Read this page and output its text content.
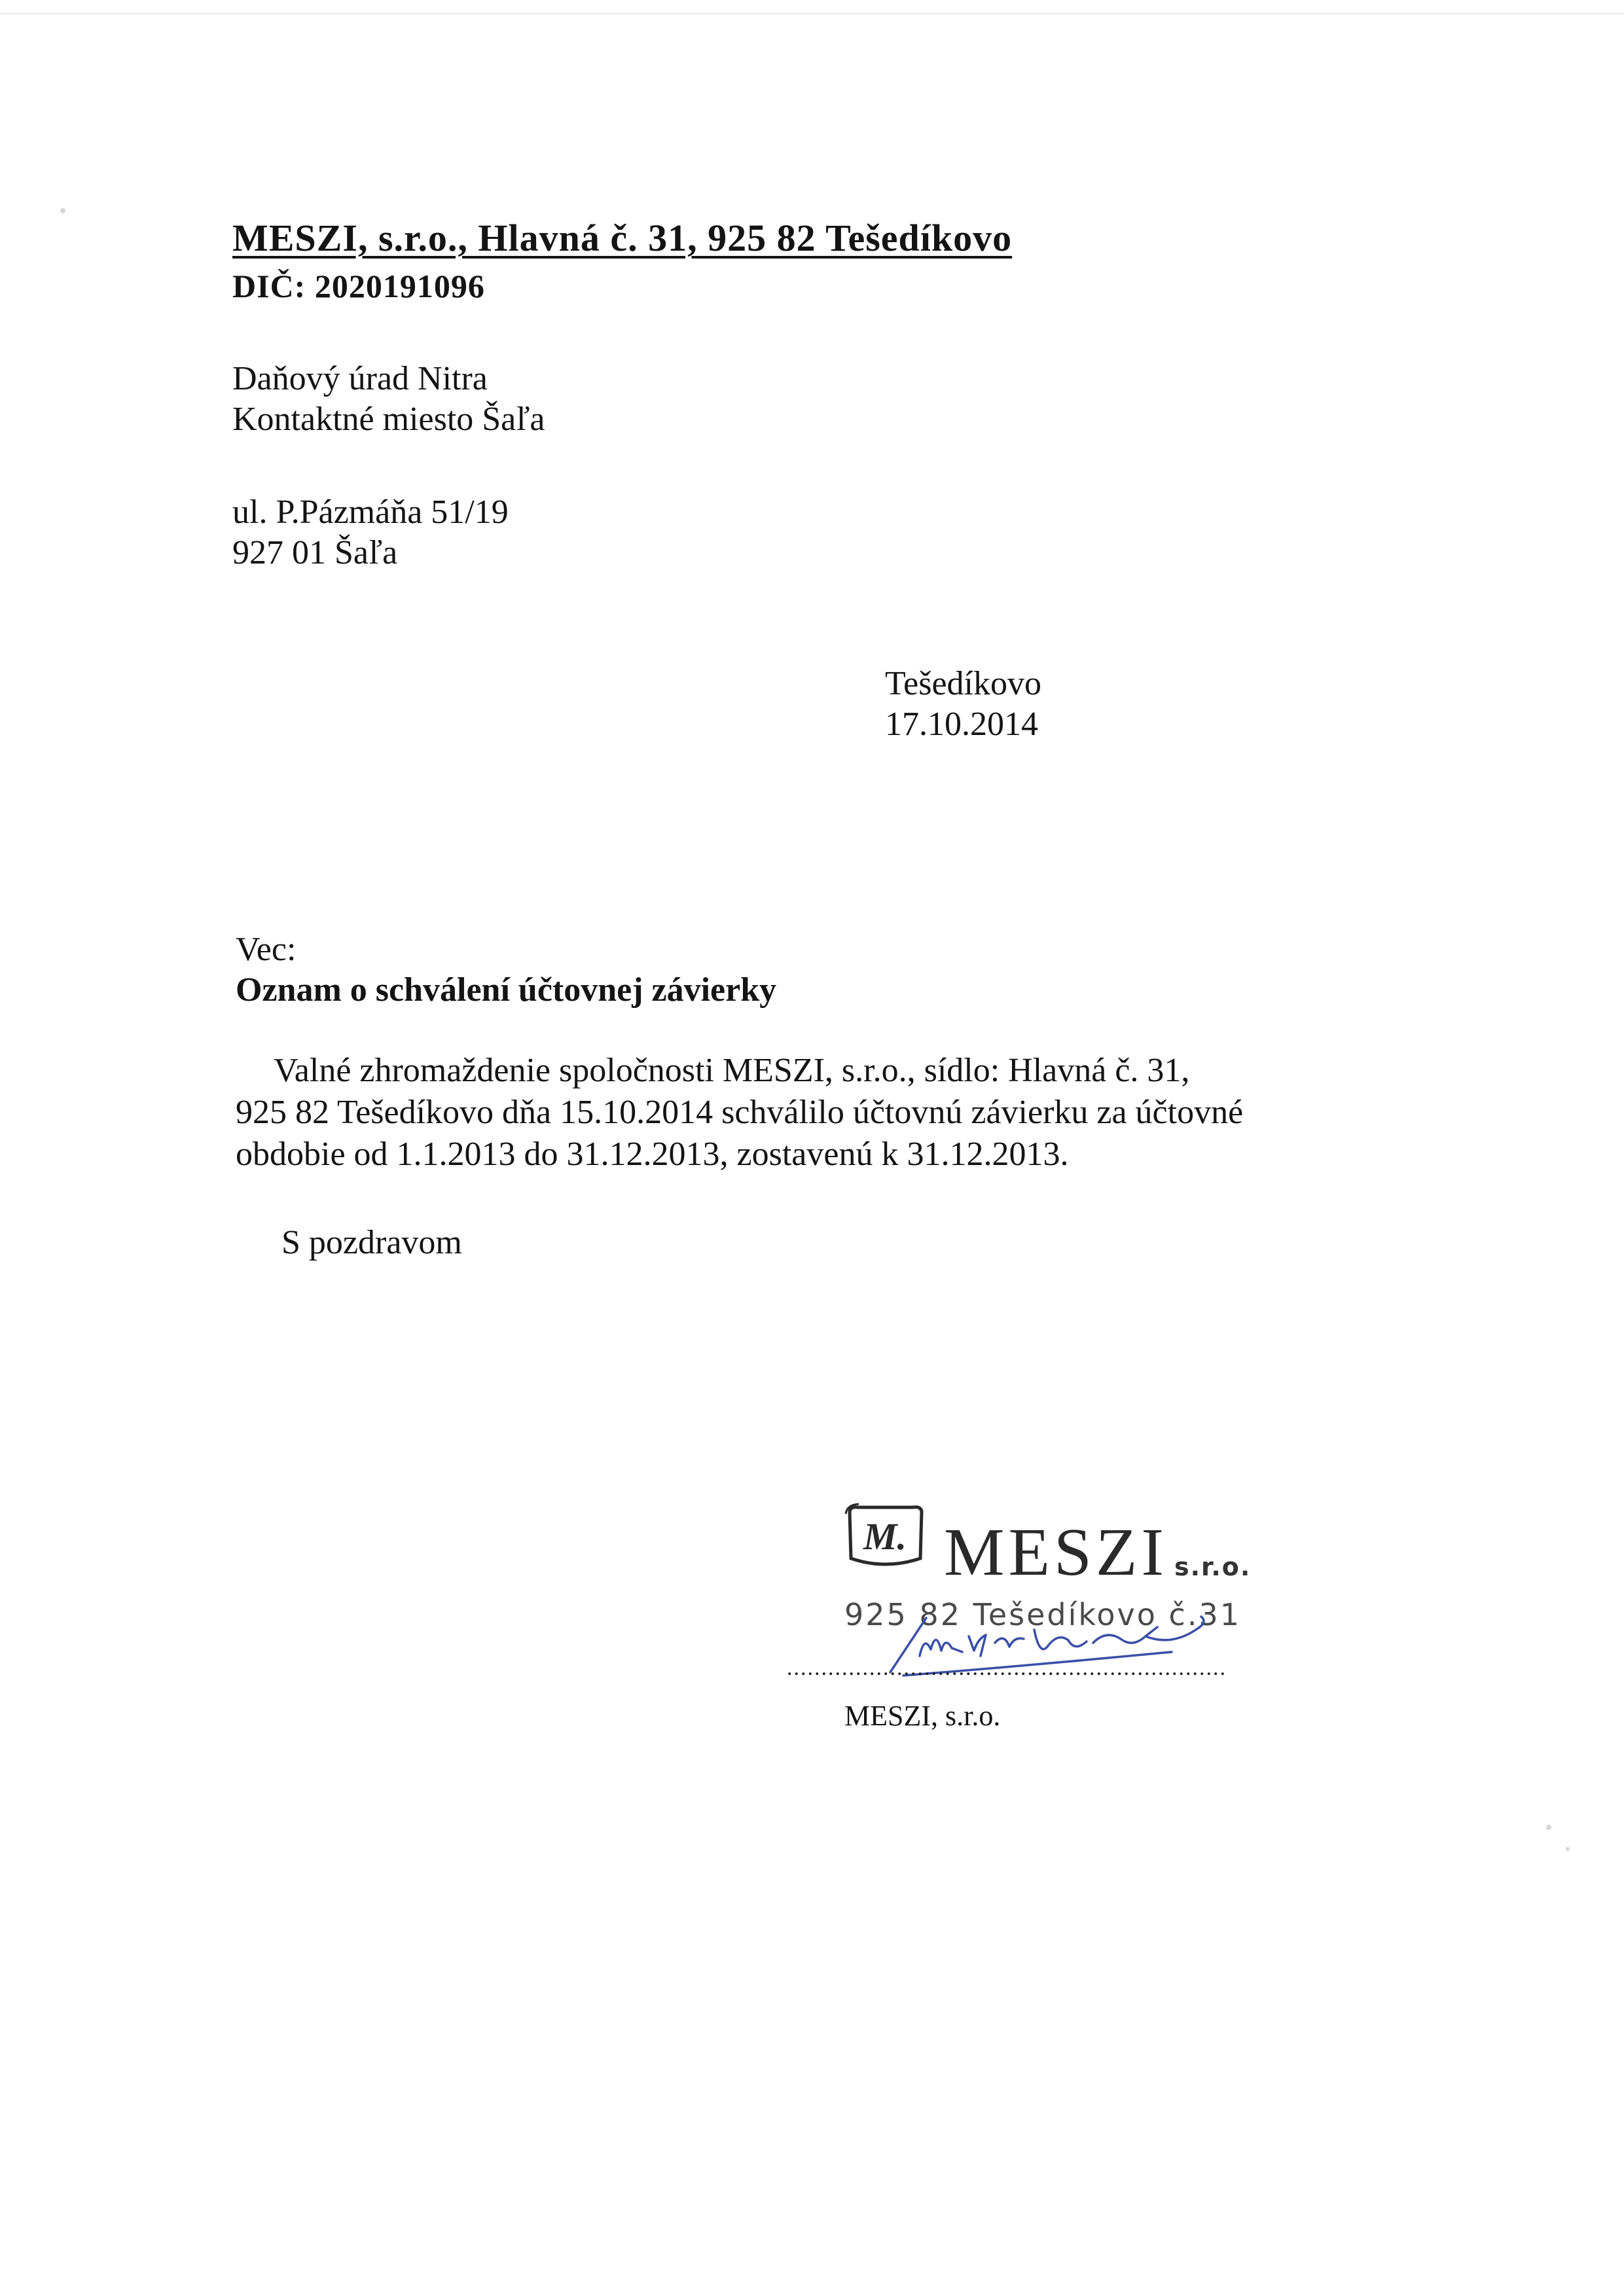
MESZI, s.r.o., Hlavná č. 31, 925 82 Tešedíkovo
DIČ: 2020191096
Daňový úrad Nitra
Kontaktné miesto Šaľa
ul. P.Pázmáňa 51/19
927 01 Šaľa
Tešedíkovo
17.10.2014
Vec:
Oznam o schválení účtovnej závierky
Valné zhromaždenie spoločnosti MESZI, s.r.o., sídlo: Hlavná č. 31,
925 82 Tešedíkovo dňa 15.10.2014 schválilo účtovnú závierku za účtovné
obdobie od 1.1.2013 do 31.12.2013, zostavenú k 31.12.2013.
S pozdravom
M. MESZI s.r.o.
925 82 Tešedíkovo č.31
................................................................
MESZI, s.r.o.
